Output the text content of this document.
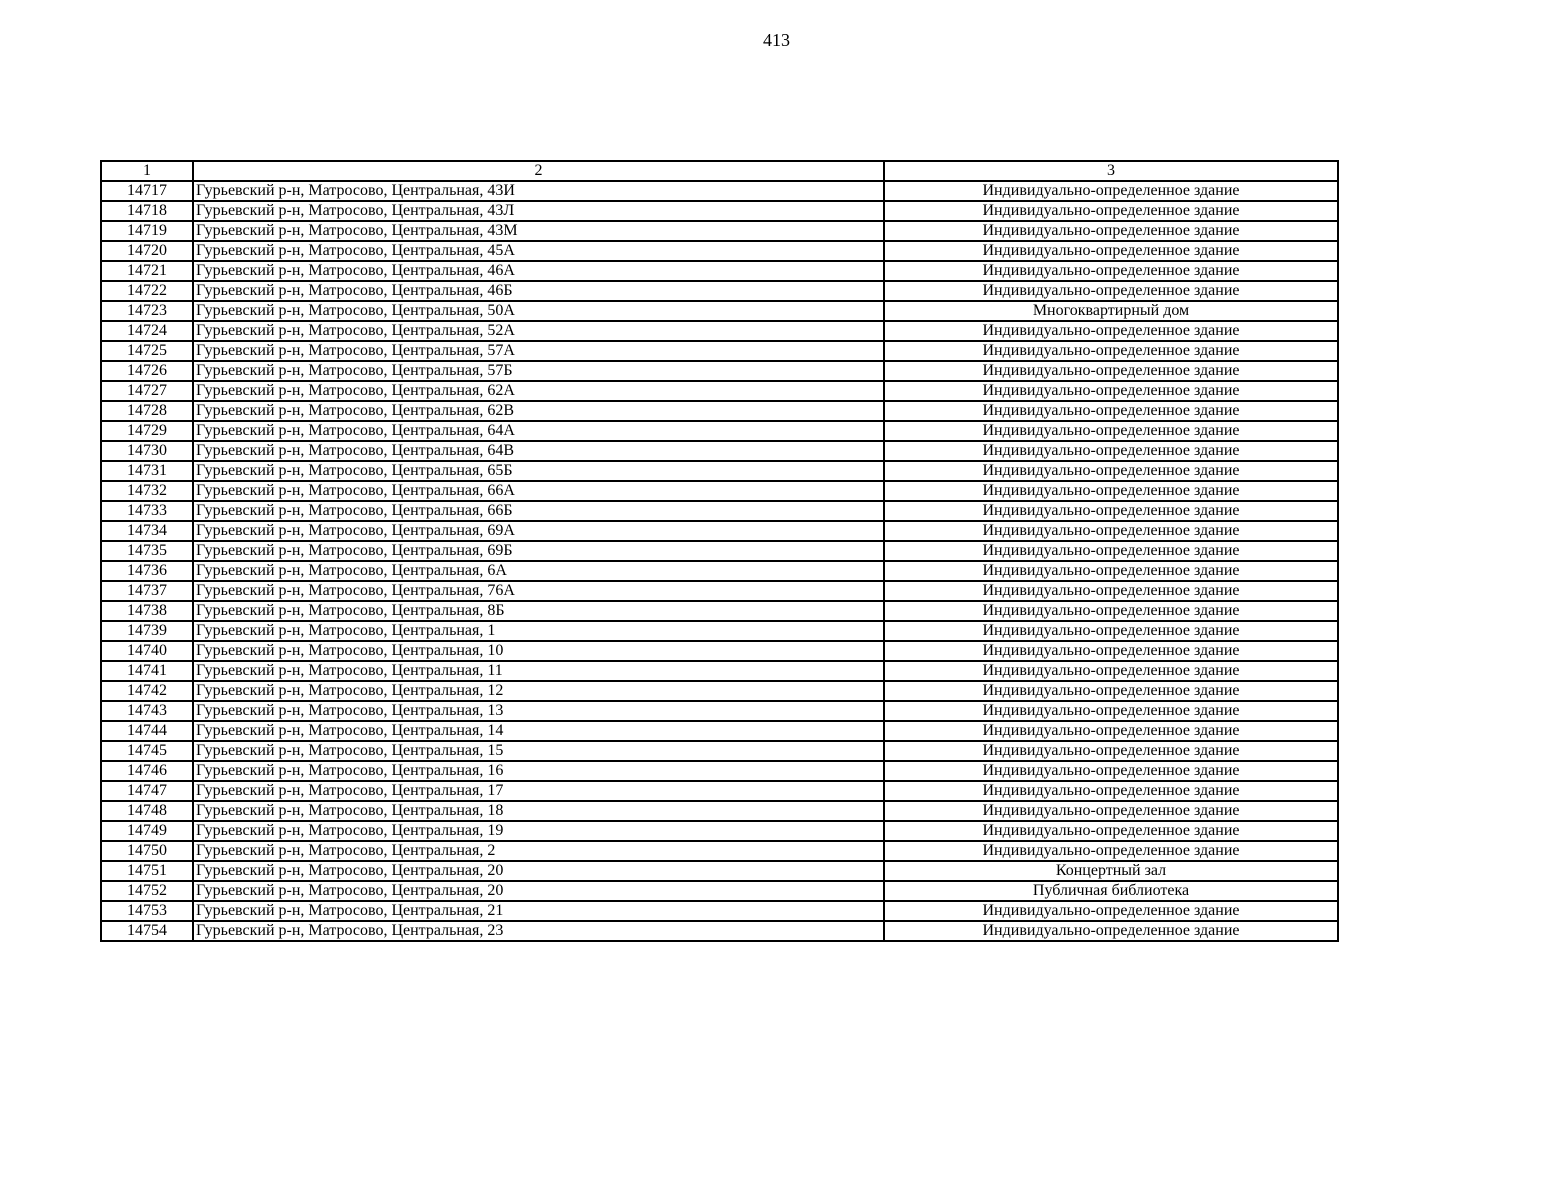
413
1	2	3
14717	Гурьевский р-н, Матросово, Центральная, 43И	Индивидуально-определенное здание
14718	Гурьевский р-н, Матросово, Центральная, 43Л	Индивидуально-определенное здание
14719	Гурьевский р-н, Матросово, Центральная, 43М	Индивидуально-определенное здание
14720	Гурьевский р-н, Матросово, Центральная, 45А	Индивидуально-определенное здание
14721	Гурьевский р-н, Матросово, Центральная, 46А	Индивидуально-определенное здание
14722	Гурьевский р-н, Матросово, Центральная, 46Б	Индивидуально-определенное здание
14723	Гурьевский р-н, Матросово, Центральная, 50А	Многоквартирный дом
14724	Гурьевский р-н, Матросово, Центральная, 52А	Индивидуально-определенное здание
14725	Гурьевский р-н, Матросово, Центральная, 57А	Индивидуально-определенное здание
14726	Гурьевский р-н, Матросово, Центральная, 57Б	Индивидуально-определенное здание
14727	Гурьевский р-н, Матросово, Центральная, 62А	Индивидуально-определенное здание
14728	Гурьевский р-н, Матросово, Центральная, 62В	Индивидуально-определенное здание
14729	Гурьевский р-н, Матросово, Центральная, 64А	Индивидуально-определенное здание
14730	Гурьевский р-н, Матросово, Центральная, 64В	Индивидуально-определенное здание
14731	Гурьевский р-н, Матросово, Центральная, 65Б	Индивидуально-определенное здание
14732	Гурьевский р-н, Матросово, Центральная, 66А	Индивидуально-определенное здание
14733	Гурьевский р-н, Матросово, Центральная, 66Б	Индивидуально-определенное здание
14734	Гурьевский р-н, Матросово, Центральная, 69А	Индивидуально-определенное здание
14735	Гурьевский р-н, Матросово, Центральная, 69Б	Индивидуально-определенное здание
14736	Гурьевский р-н, Матросово, Центральная, 6А	Индивидуально-определенное здание
14737	Гурьевский р-н, Матросово, Центральная, 76А	Индивидуально-определенное здание
14738	Гурьевский р-н, Матросово, Центральная, 8Б	Индивидуально-определенное здание
14739	Гурьевский р-н, Матросово, Центральная, 1	Индивидуально-определенное здание
14740	Гурьевский р-н, Матросово, Центральная, 10	Индивидуально-определенное здание
14741	Гурьевский р-н, Матросово, Центральная, 11	Индивидуально-определенное здание
14742	Гурьевский р-н, Матросово, Центральная, 12	Индивидуально-определенное здание
14743	Гурьевский р-н, Матросово, Центральная, 13	Индивидуально-определенное здание
14744	Гурьевский р-н, Матросово, Центральная, 14	Индивидуально-определенное здание
14745	Гурьевский р-н, Матросово, Центральная, 15	Индивидуально-определенное здание
14746	Гурьевский р-н, Матросово, Центральная, 16	Индивидуально-определенное здание
14747	Гурьевский р-н, Матросово, Центральная, 17	Индивидуально-определенное здание
14748	Гурьевский р-н, Матросово, Центральная, 18	Индивидуально-определенное здание
14749	Гурьевский р-н, Матросово, Центральная, 19	Индивидуально-определенное здание
14750	Гурьевский р-н, Матросово, Центральная, 2	Индивидуально-определенное здание
14751	Гурьевский р-н, Матросово, Центральная, 20	Концертный зал
14752	Гурьевский р-н, Матросово, Центральная, 20	Публичная библиотека
14753	Гурьевский р-н, Матросово, Центральная, 21	Индивидуально-определенное здание
14754	Гурьевский р-н, Матросово, Центральная, 23	Индивидуально-определенное здание
